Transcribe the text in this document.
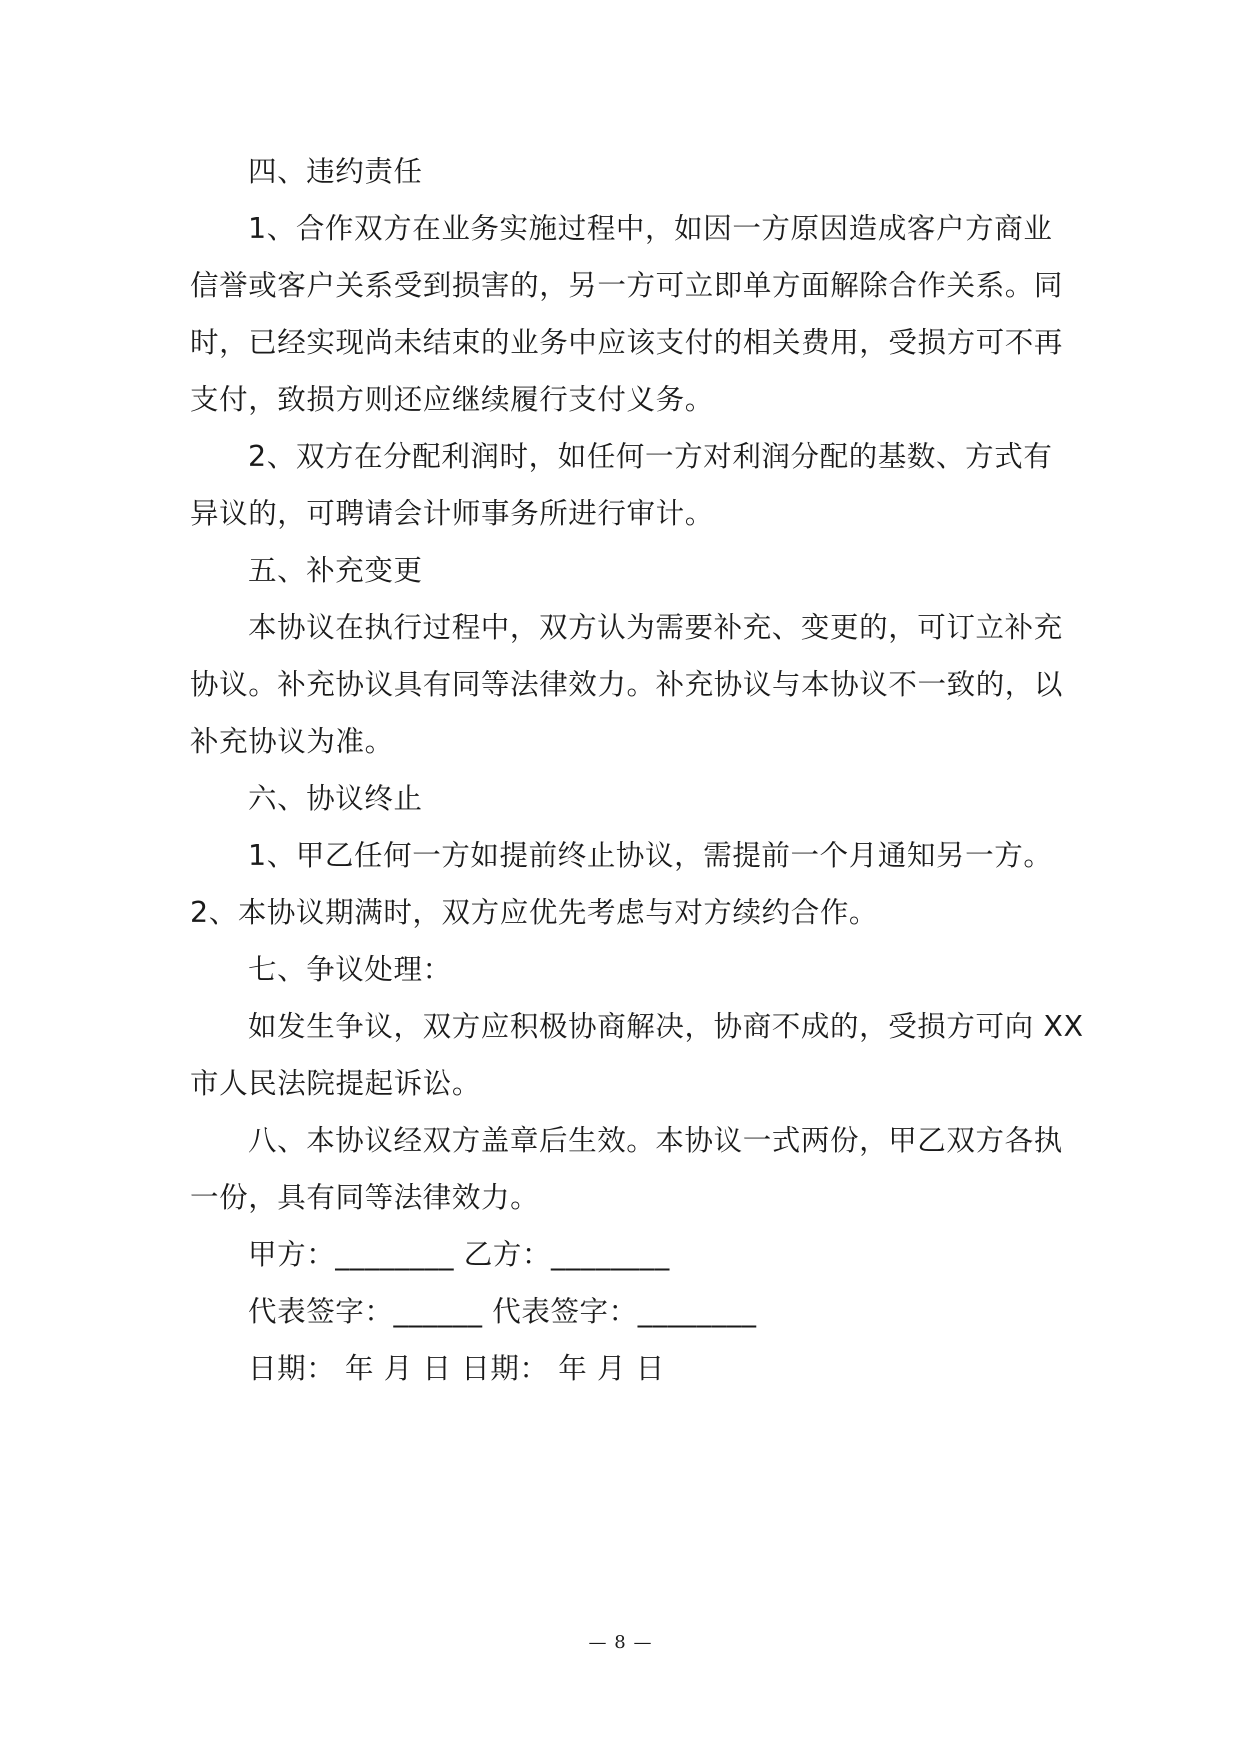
四、违约责任
1、合作双方在业务实施过程中，如因一方原因造成客户方商业
信誉或客户关系受到损害的，另一方可立即单方面解除合作关系。同
时，已经实现尚未结束的业务中应该支付的相关费用，受损方可不再
支付，致损方则还应继续履行支付义务。
2、双方在分配利润时，如任何一方对利润分配的基数、方式有
异议的，可聘请会计师事务所进行审计。
五、补充变更
本协议在执行过程中，双方认为需要补充、变更的，可订立补充
协议。补充协议具有同等法律效力。补充协议与本协议不一致的，以
补充协议为准。
六、协议终止
1、甲乙任何一方如提前终止协议，需提前一个月通知另一方。
2、本协议期满时，双方应优先考虑与对方续约合作。
七、争议处理：
如发生争议，双方应积极协商解决，协商不成的，受损方可向 XX
市人民法院提起诉讼。
八、本协议经双方盖章后生效。本协议一式两份，甲乙双方各执
一份，具有同等法律效力。
甲方：________ 乙方：________
代表签字：______ 代表签字：________
日期： 年 月 日 日期： 年 月 日
— 8 —
